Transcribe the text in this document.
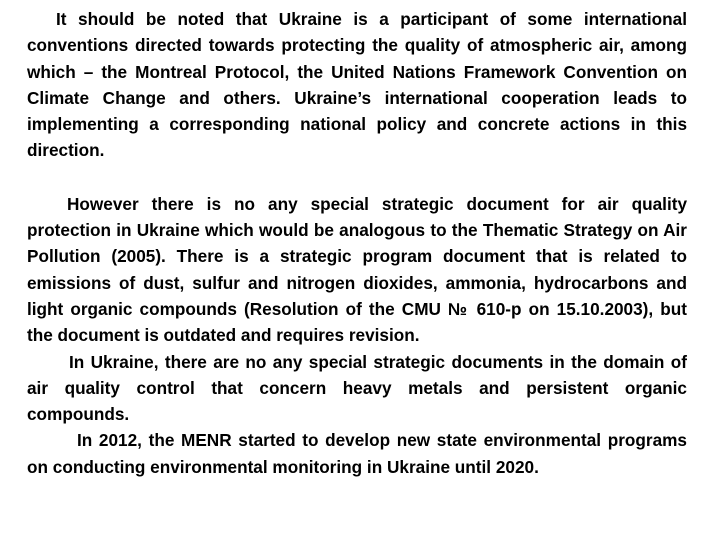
It should be noted that Ukraine is a participant of some international conventions directed towards protecting the quality of atmospheric air, among which – the Montreal Protocol, the United Nations Framework Convention on Climate Change and others. Ukraine’s international cooperation leads to implementing a corresponding national policy and concrete actions in this direction.

However there is no any special strategic document for air quality protection in Ukraine which would be analogous to the Thematic Strategy on Air Pollution (2005). There is a strategic program document that is related to emissions of dust, sulfur and nitrogen dioxides, ammonia, hydrocarbons and light organic compounds (Resolution of the CMU № 610-р on 15.10.2003), but the document is outdated and requires revision.

In Ukraine, there are no any special strategic documents in the domain of air quality control that concern heavy metals and persistent organic compounds.

In 2012, the MENR started to develop new state environmental programs on conducting environmental monitoring in Ukraine until 2020.
